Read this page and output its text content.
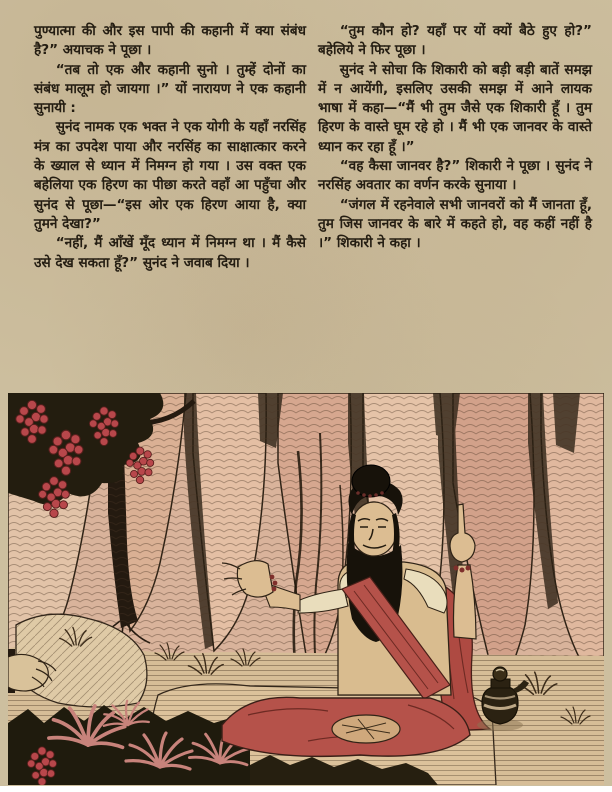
पुण्यात्मा की और इस पापी की कहानी में क्या संबंध है?” अयाचक ने पूछा ।

“तब तो एक और कहानी सुनो । तुम्हें दोनों का संबंध मालूम हो जायगा ।” यों नारायण ने एक कहानी सुनायी :

सुनंद नामक एक भक्त ने एक योगी के यहाँ नरसिंह मंत्र का उपदेश पाया और नरसिंह का साक्षात्कार करने के ख्याल से ध्यान में निमग्न हो गया । उस वक्त एक बहेलिया एक हिरण का पीछा करते वहाँ आ पहुँचा और सुनंद से पूछा—“इस ओर एक हिरण आया है, क्या तुमने देखा?”

“नहीं, मैं आँखें मूँद ध्यान में निमग्न था । मैं कैसे उसे देख सकता हूँ?” सुनंद ने जवाब दिया ।

“तुम कौन हो? यहाँ पर यों क्यों बैठे हुए हो?” बहेलिये ने फिर पूछा ।

सुनंद ने सोचा कि शिकारी को बड़ी बड़ी बातें समझ में न आयेंगी, इसलिए उसकी समझ में आने लायक भाषा में कहा—“मैं भी तुम जैसे एक शिकारी हूँ । तुम हिरण के वास्ते घूम रहे हो । मैं भी एक जानवर के वास्ते ध्यान कर रहा हूँ ।”

“वह कैसा जानवर है?” शिकारी ने पूछा । सुनंद ने नरसिंह अवतार का वर्णन करके सुनाया ।

“जंगल में रहनेवाले सभी जानवरों को मैं जानता हूँ, तुम जिस जानवर के बारे में कहते हो, वह कहीं नहीं है ।” शिकारी ने कहा ।
